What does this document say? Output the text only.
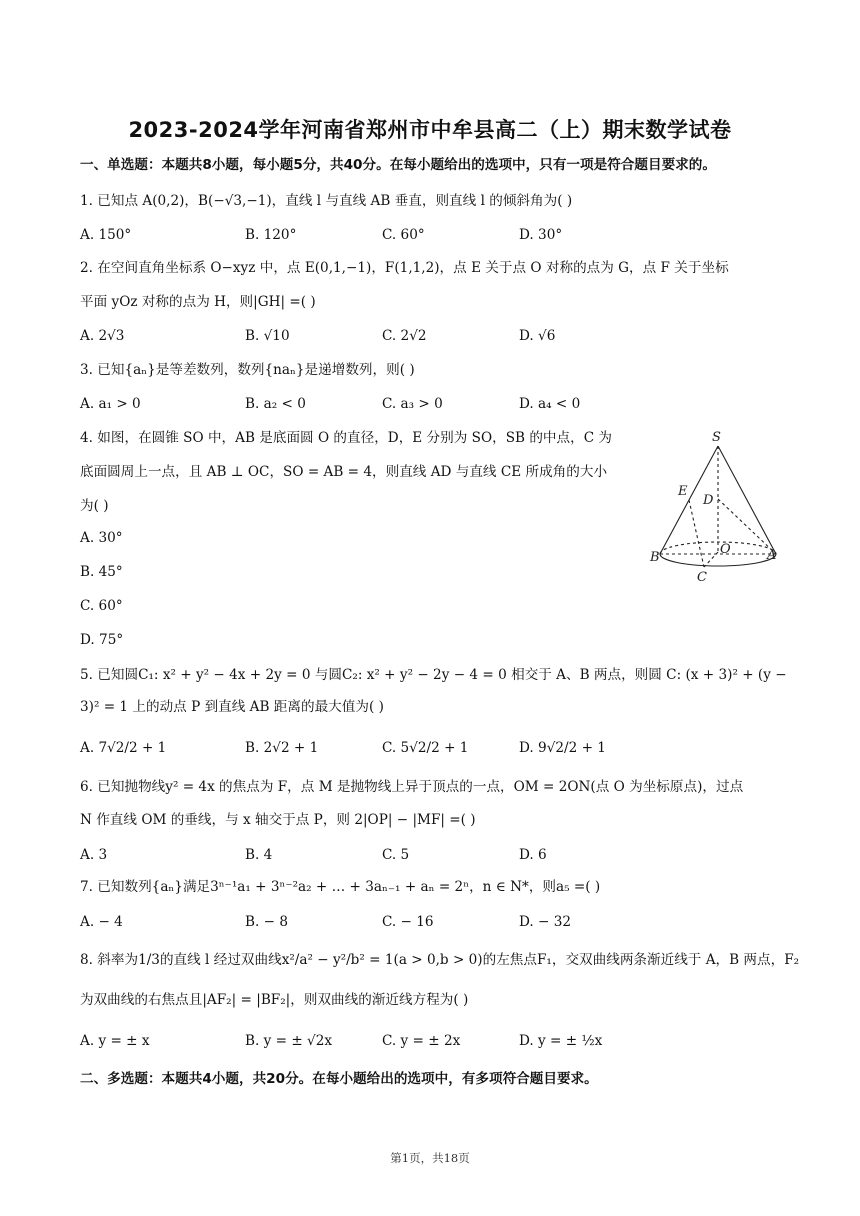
2023-2024学年河南省郑州市中牟县高二（上）期末数学试卷
一、单选题：本题共8小题，每小题5分，共40分。在每小题给出的选项中，只有一项是符合题目要求的。
1. 已知点 A(0,2)，B(−√3,−1)，直线 l 与直线 AB 垂直，则直线 l 的倾斜角为( )
A. 150°	B. 120°	C. 60°	D. 30°
2. 在空间直角坐标系 O−xyz 中，点 E(0,1,−1)，F(1,1,2)，点 E 关于点 O 对称的点为 G，点 F 关于坐标
平面 yOz 对称的点为 H，则|GH| =( )
A. 2√3	B. √10	C. 2√2	D. √6
3. 已知{aₙ}是等差数列，数列{naₙ}是递增数列，则( )
A. a₁ > 0	B. a₂ < 0	C. a₃ > 0	D. a₄ < 0
4. 如图，在圆锥 SO 中，AB 是底面圆 O 的直径，D，E 分别为 SO，SB 的中点，C 为
底面圆周上一点，且 AB ⊥ OC，SO = AB = 4，则直线 AD 与直线 CE 所成角的大小
为( )
A. 30°
B. 45°
C. 60°
D. 75°
S
E
D
O	A
B
C
5. 已知圆C₁: x² + y² − 4x + 2y = 0 与圆C₂: x² + y² − 2y − 4 = 0 相交于 A、B 两点，则圆 C: (x + 3)² + (y −
3)² = 1 上的动点 P 到直线 AB 距离的最大值为( )
A. 7√2/2 + 1	B. 2√2 + 1	C. 5√2/2 + 1	D. 9√2/2 + 1
6. 已知抛物线y² = 4x 的焦点为 F，点 M 是抛物线上异于顶点的一点，OM = 2ON(点 O 为坐标原点)，过点
N 作直线 OM 的垂线，与 x 轴交于点 P，则 2|OP| − |MF| =( )
A. 3	B. 4	C. 5	D. 6
7. 已知数列{aₙ}满足3ⁿ⁻¹a₁ + 3ⁿ⁻²a₂ + … + 3aₙ₋₁ + aₙ = 2ⁿ，n ∈ N*，则a₅ =( )
A. − 4	B. − 8	C. − 16	D. − 32
8. 斜率为1/3的直线 l 经过双曲线x²/a² − y²/b² = 1(a > 0,b > 0)的左焦点F₁，交双曲线两条渐近线于 A，B 两点，F₂
为双曲线的右焦点且|AF₂| = |BF₂|，则双曲线的渐近线方程为( )
A. y = ± x	B. y = ± √2x	C. y = ± 2x	D. y = ± ½x
二、多选题：本题共4小题，共20分。在每小题给出的选项中，有多项符合题目要求。
第1页，共18页
